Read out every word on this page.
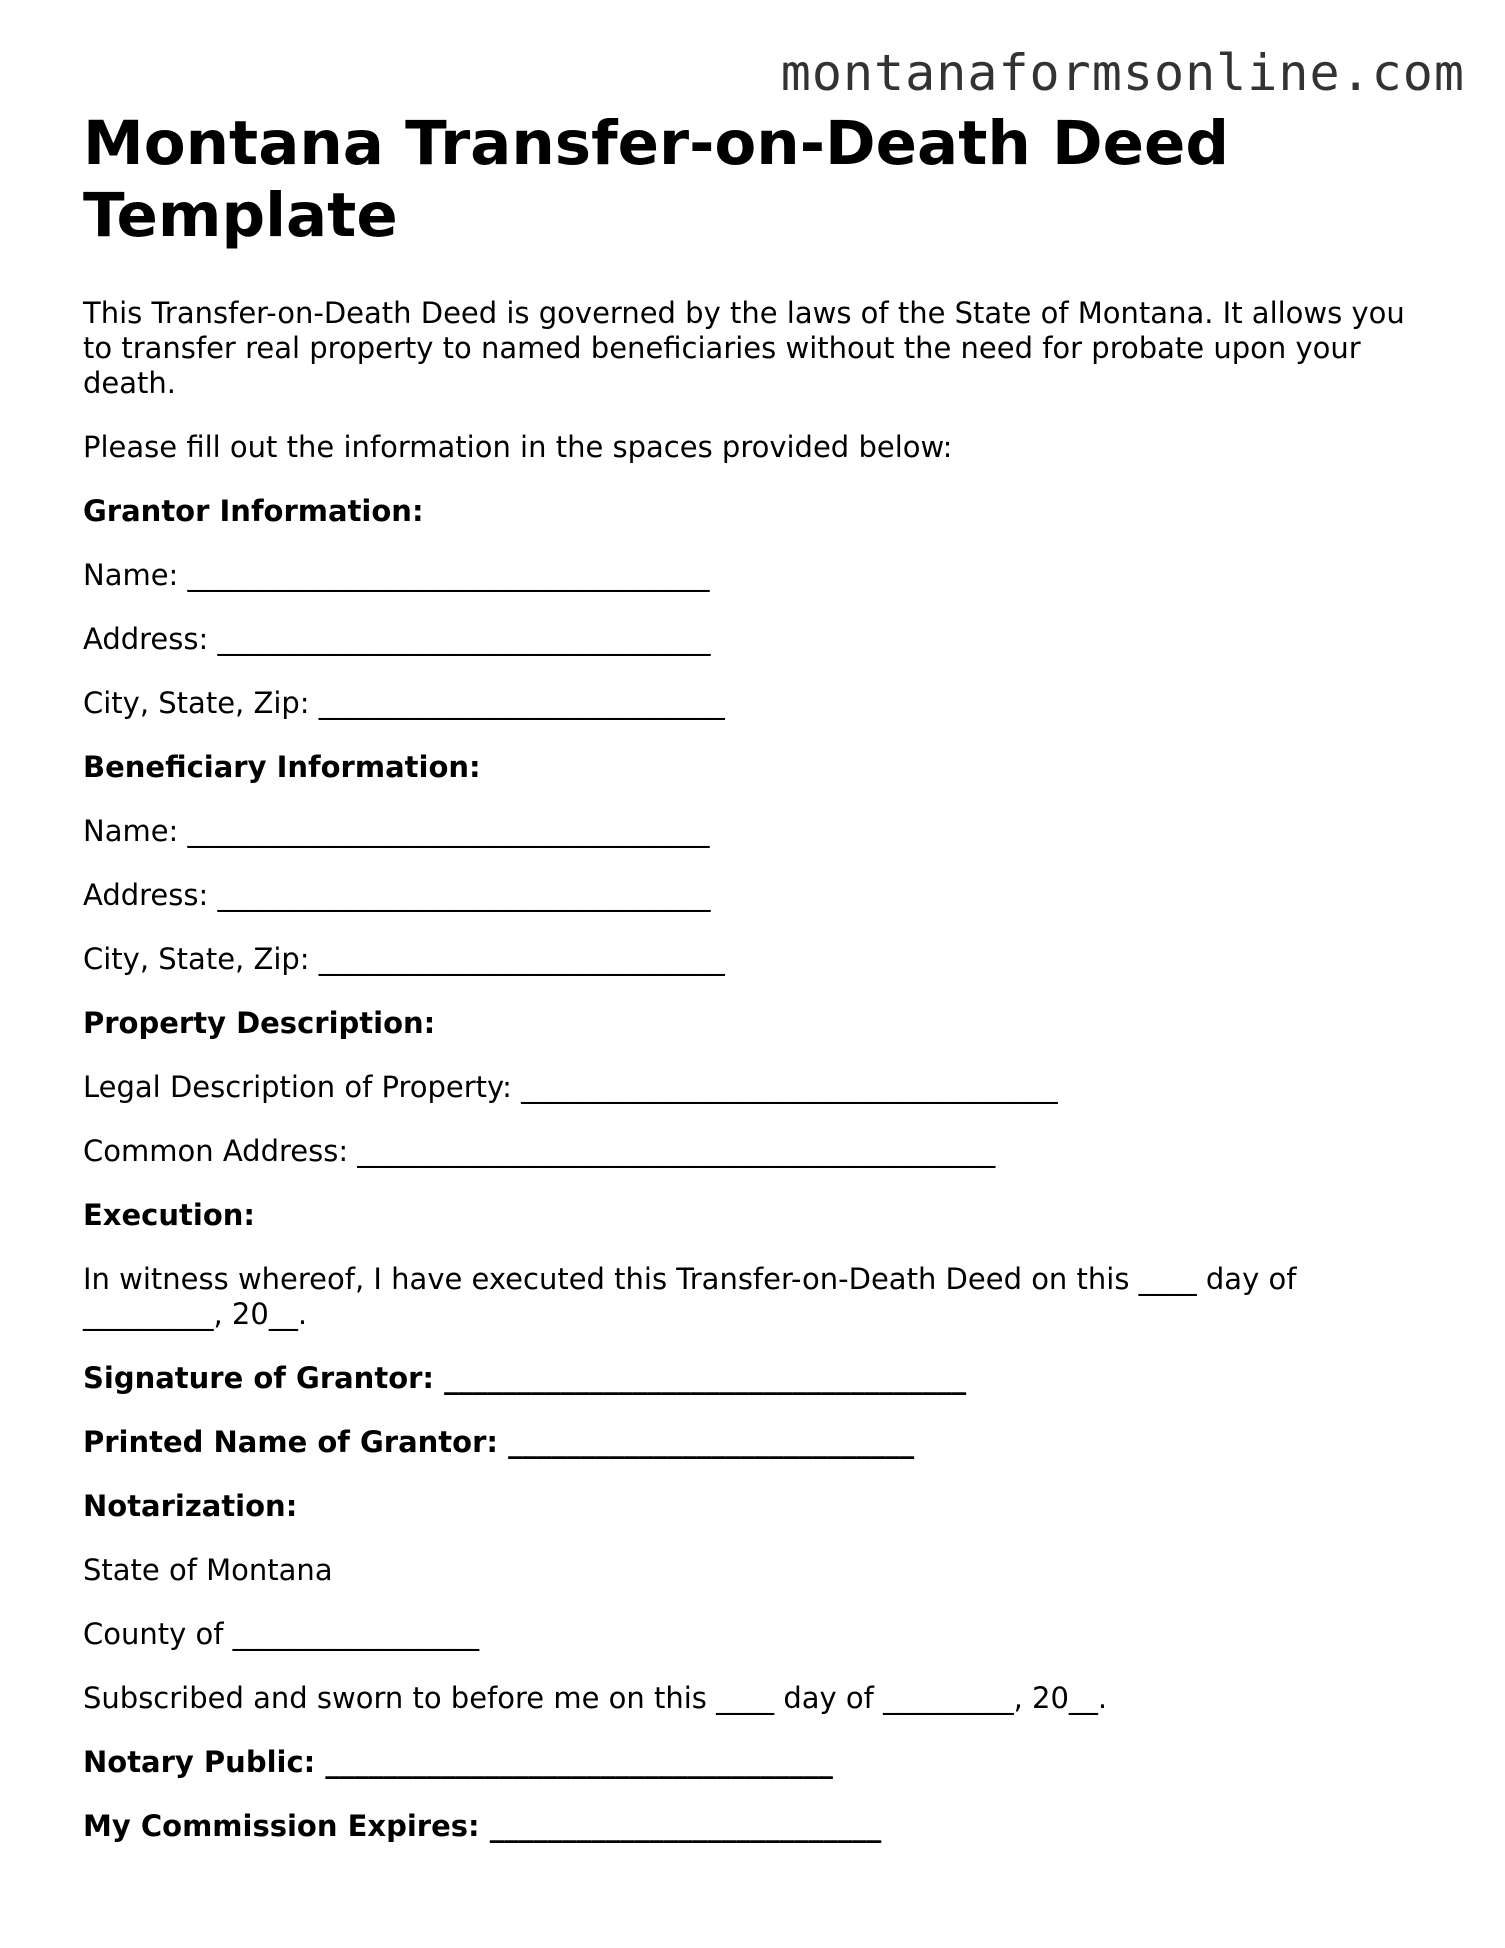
montanaformsonline.com
Montana Transfer-on-Death Deed Template

This Transfer-on-Death Deed is governed by the laws of the State of Montana. It allows you to transfer real property to named beneficiaries without the need for probate upon your death.

Please fill out the information in the spaces provided below:

Grantor Information:

Name: ____________________________________

Address: __________________________________

City, State, Zip: ____________________________

Beneficiary Information:

Name: ____________________________________

Address: __________________________________

City, State, Zip: ____________________________

Property Description:

Legal Description of Property: _____________________________________

Common Address: ____________________________________________

Execution:

In witness whereof, I have executed this Transfer-on-Death Deed on this ____ day of

_________, 20__.

Signature of Grantor: ____________________________________

Printed Name of Grantor: ____________________________

Notarization:

State of Montana

County of _________________

Subscribed and sworn to before me on this ____ day of _________, 20__.

Notary Public: ___________________________________

My Commission Expires: ___________________________
